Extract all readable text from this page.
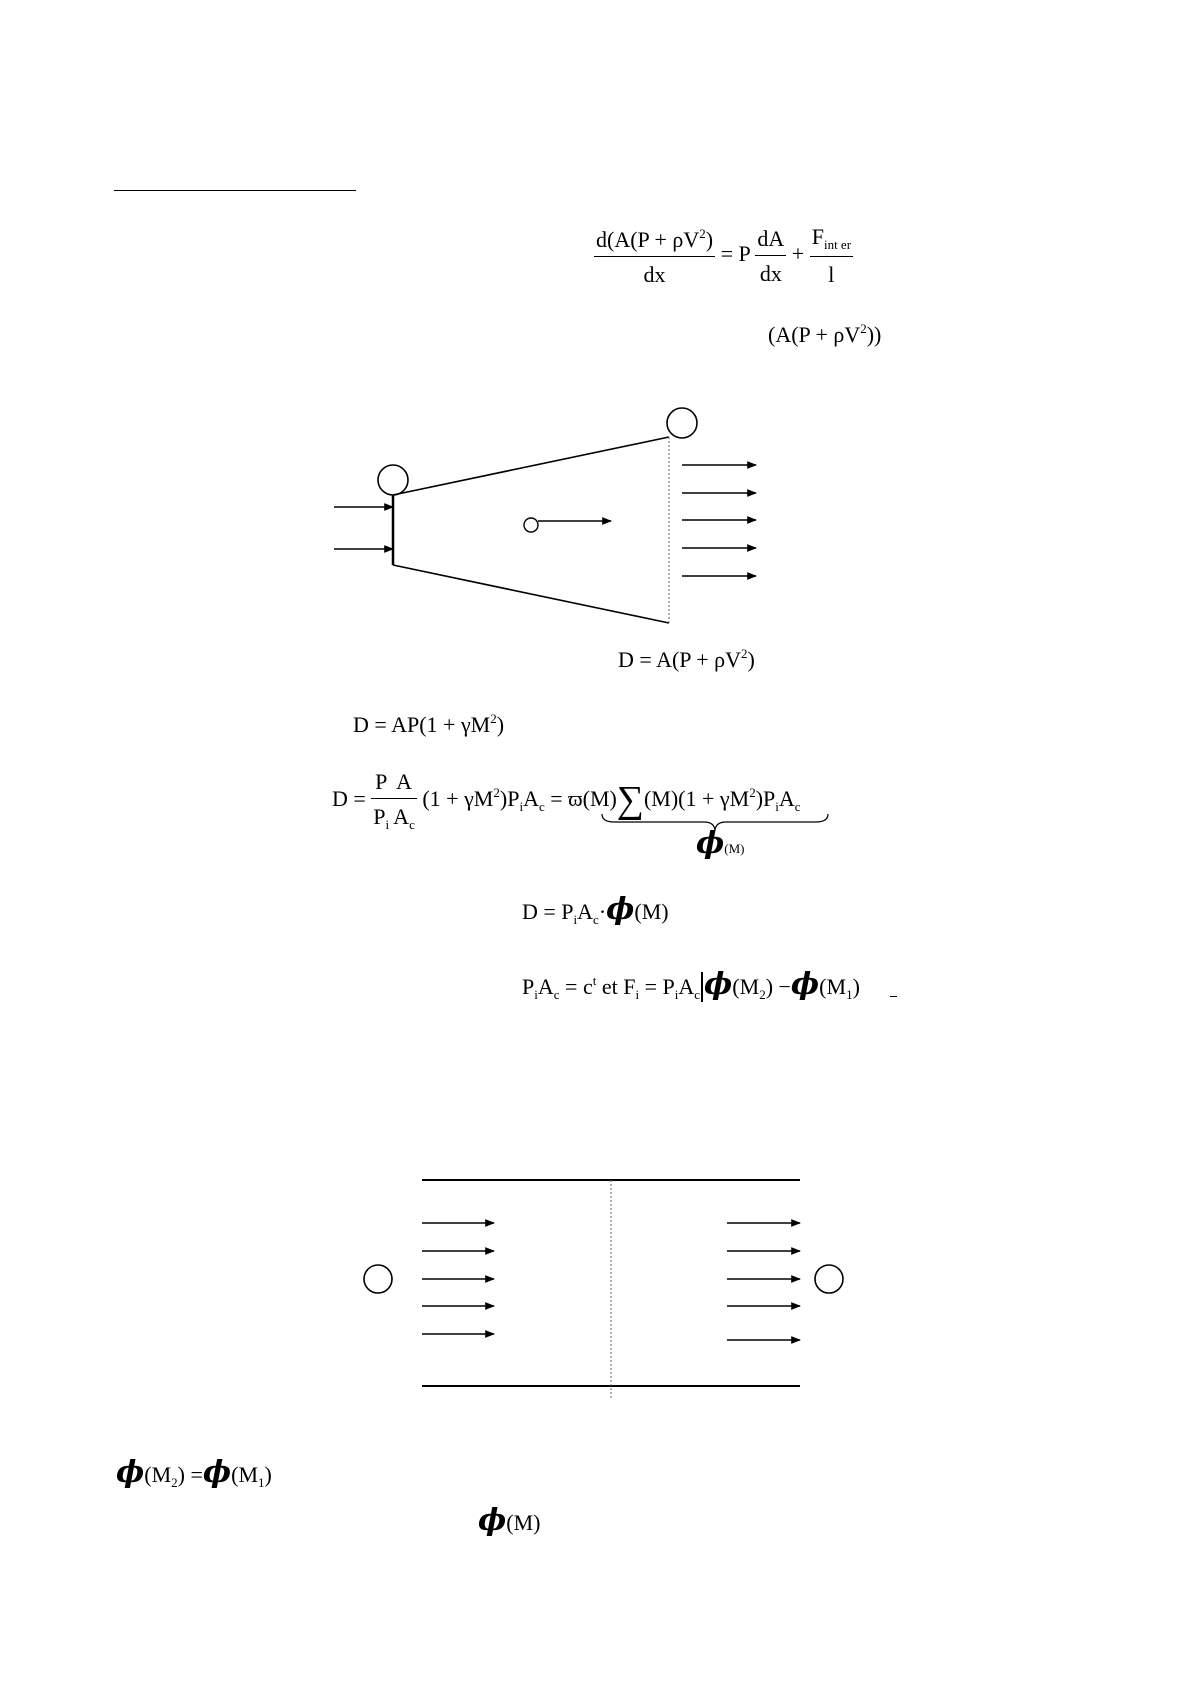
$\frac{d(A(P + \rho V^2)}{dx} = P \frac{dA}{dx} + \frac{F_{int er}}{l}$
$(A(P + \rho V^2))$
$D = A(P + \rho V^2)$
$D = AP(1 + \gamma M^2)$
$D = \frac{P}{P_i} \frac{A}{A_c} (1 + \gamma M^2)P_iA_c = ϖ(M)\sum(M)(1 + \gamma M^2)P_iA_c$
ϕ(M)
$D = P_iA_c\cdot\phi(M)$
$P_iA_c = c^t$ et $F_i = P_iA_c$ $\phi(M_2) -\phi(M_1)$
$\phi(M_2) =\phi(M_1)$
ϕ(M)
